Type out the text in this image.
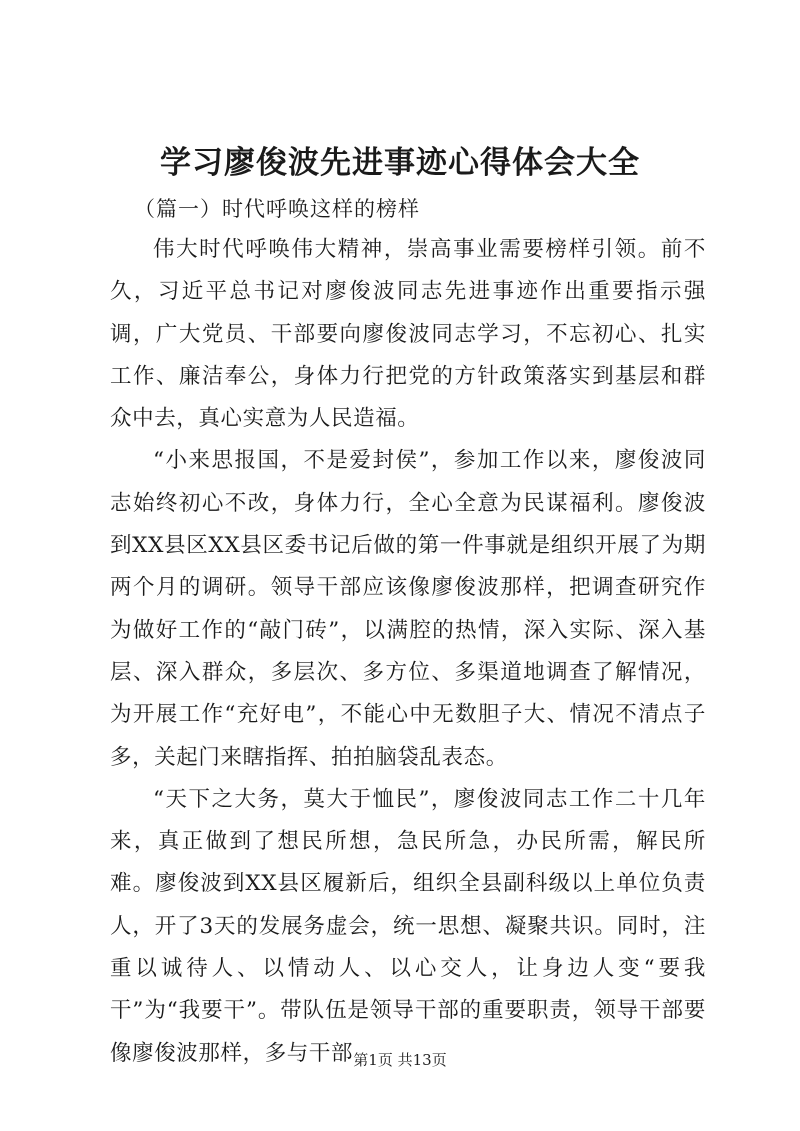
学习廖俊波先进事迹心得体会大全
（篇一）时代呼唤这样的榜样

伟大时代呼唤伟大精神，崇高事业需要榜样引领。前不久，习近平总书记对廖俊波同志先进事迹作出重要指示强调，广大党员、干部要向廖俊波同志学习，不忘初心、扎实工作、廉洁奉公，身体力行把党的方针政策落实到基层和群众中去，真心实意为人民造福。

“小来思报国，不是爱封侯”，参加工作以来，廖俊波同志始终初心不改，身体力行，全心全意为民谋福利。廖俊波到XX县区XX县区委书记后做的第一件事就是组织开展了为期两个月的调研。领导干部应该像廖俊波那样，把调查研究作为做好工作的“敲门砖”，以满腔的热情，深入实际、深入基层、深入群众，多层次、多方位、多渠道地调查了解情况，为开展工作“充好电”，不能心中无数胆子大、情况不清点子多，关起门来瞎指挥、拍拍脑袋乱表态。

“天下之大务，莫大于恤民”，廖俊波同志工作二十几年来，真正做到了想民所想，急民所急，办民所需，解民所难。廖俊波到XX县区履新后，组织全县副科级以上单位负责人，开了3天的发展务虚会，统一思想、凝聚共识。同时，注重以诚待人、以情动人、以心交人，让身边人变“要我干”为“我要干”。带队伍是领导干部的重要职责，领导干部要像廖俊波那样，多与干部 第1页 共13页
